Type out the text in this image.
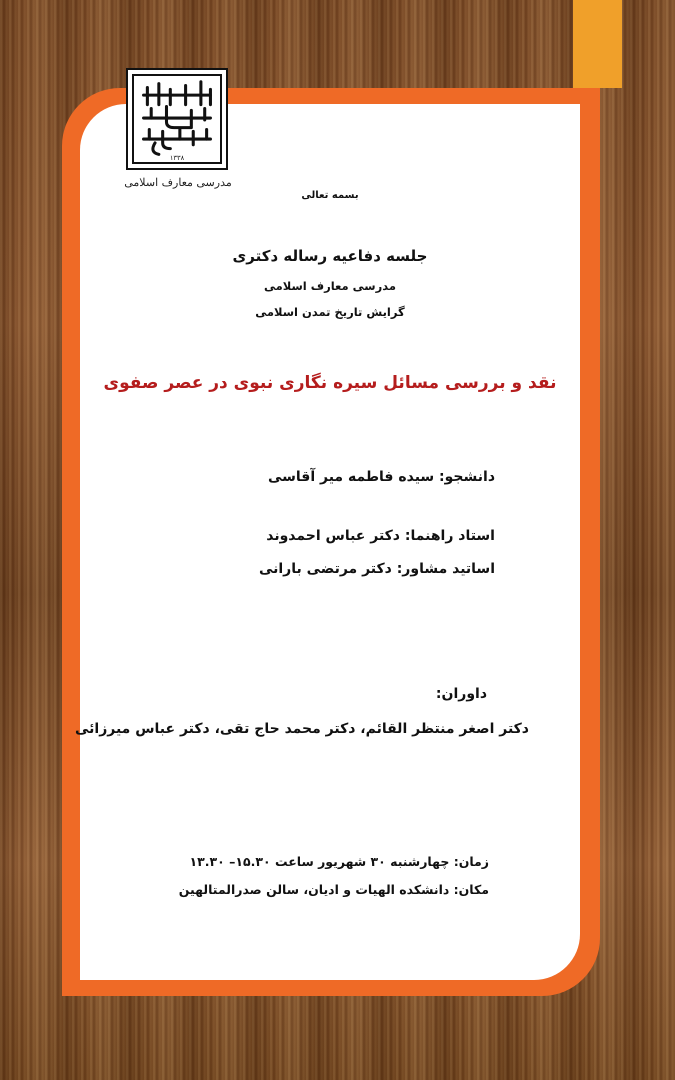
۱۳۳۸
مدرسی معارف اسلامی
بسمه تعالی
جلسه دفاعیه رساله دکتری
مدرسی معارف اسلامی
گرایش تاریخ تمدن اسلامی
نقد و بررسی مسائل سیره نگاری نبوی در عصر صفوی
دانشجو: سیده فاطمه میر آقاسی
استاد راهنما: دکتر عباس احمدوند
اساتید مشاور: دکتر مرتضی بارانی
داوران:
دکتر اصغر منتظر القائم، دکتر محمد حاج تقی، دکتر عباس میرزائی
زمان: چهارشنبه ۳۰ شهریور ساعت ۱۵.۳۰– ۱۳.۳۰
مکان: دانشکده الهیات و ادیان، سالن صدرالمتالهین
